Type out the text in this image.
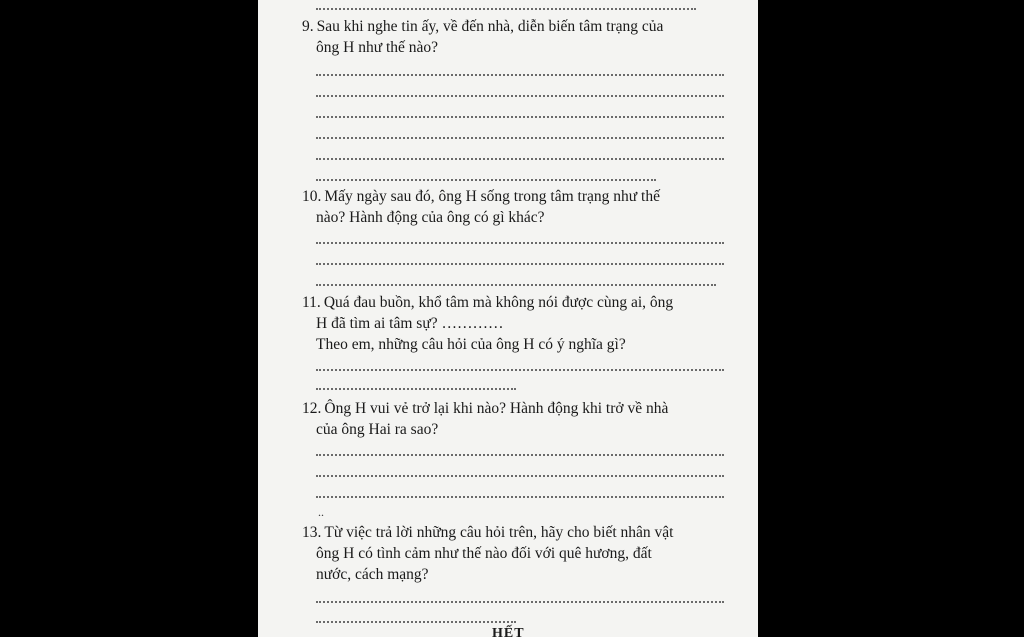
9. Sau khi nghe tin ấy, về đến nhà, diễn biến tâm trạng của
ông H như thế nào?
10. Mấy ngày sau đó, ông H sống trong tâm trạng như thế
nào? Hành động của ông có gì khác?
11. Quá đau buồn, khổ tâm mà không nói được cùng ai, ông
H đã tìm ai tâm sự? …………
Theo em, những câu hỏi của ông H có ý nghĩa gì?
12. Ông H vui vẻ trở lại khi nào? Hành động khi trở về nhà
của ông Hai ra sao?
..
13. Từ việc trả lời những câu hỏi trên, hãy cho biết nhân vật
ông H có tình cảm như thế nào đối với quê hương, đất
nước, cách mạng?
HẾT
